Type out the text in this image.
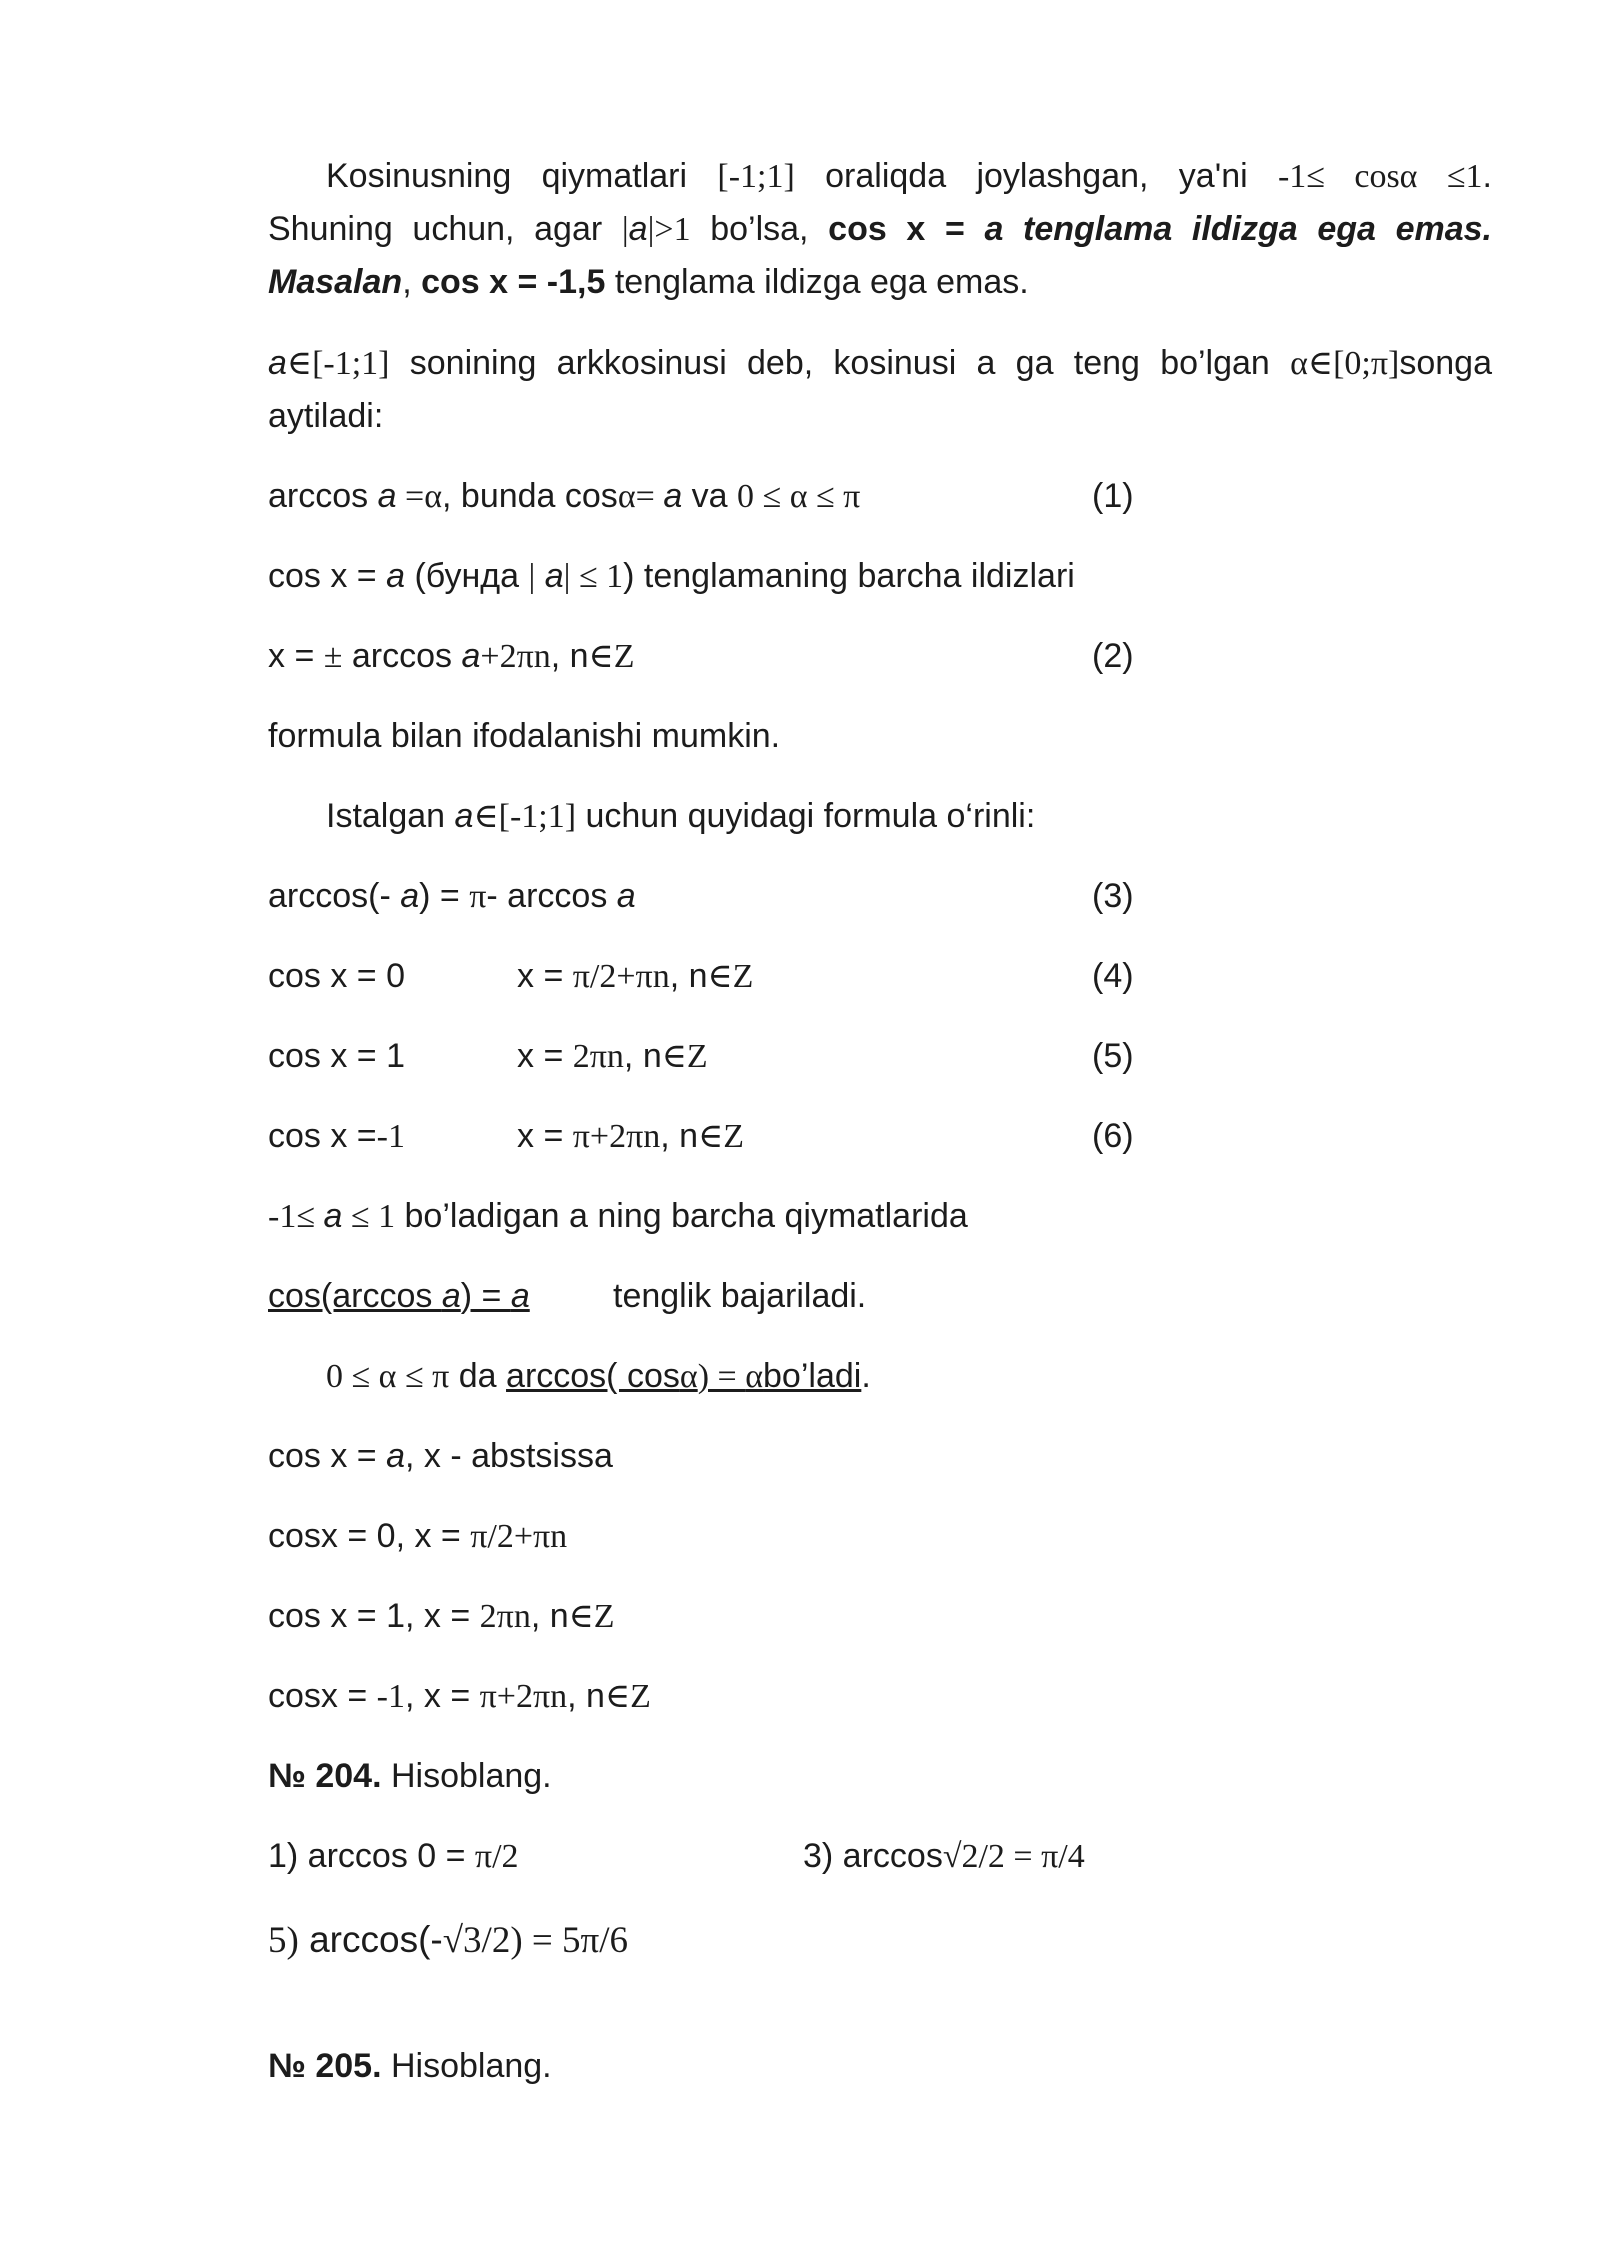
Kosinusning qiymatlari [-1;1] oraliqda joylashgan, ya'ni -1≤ cosα ≤1.
Shuning uchun, agar |a|>1 bo’lsa, cos x = a tenglama ildizga ega emas.
Masalan, cos x = -1,5 tenglama ildizga ega emas.
a∈[-1;1] sonining arkkosinusi deb, kosinusi a ga teng bo’lgan α∈[0;π]songa
aytiladi:
arccos a =α, bunda cosα= a va 0 ≤ α ≤ π	(1)
cos x = a (бунда | a| ≤ 1) tenglamaning barcha ildizlari
x = ± arccos a+2πn, n∈Z	(2)
formula bilan ifodalanishi mumkin.
Istalgan a∈[-1;1] uchun quyidagi formula o‘rinli:
arccos(- a) = π- arccos a	(3)
cos x = 0	x = π/2+πn, n∈Z	(4)
cos x = 1	x = 2πn, n∈Z	(5)
cos x =-1	x = π+2πn, n∈Z	(6)
-1≤ a ≤ 1 bo’ladigan a ning barcha qiymatlarida
cos(arccos a) = a tenglik bajariladi.
0 ≤ α ≤ π da arccos( cosα) = αbo’ladi.
cos x = a, x - abstsissa
cosx = 0, x = π/2+πn
cos x = 1, x = 2πn, n∈Z
cosx = -1, x = π+2πn, n∈Z
№ 204. Hisoblang.
1) arccos 0 = π/2	3) arccos√2/2 = π/4
5) arccos(-√3/2) = 5π/6
№ 205. Hisoblang.
